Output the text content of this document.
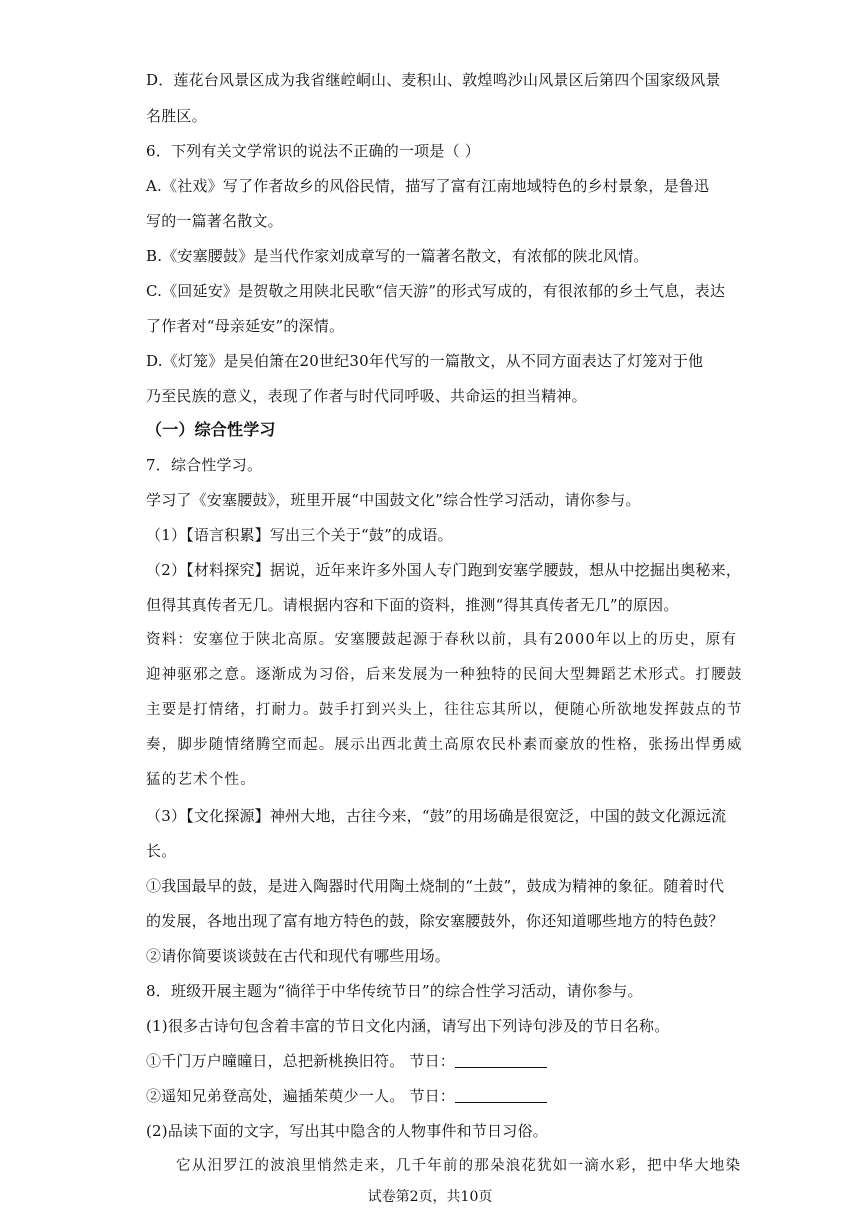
D．莲花台风景区成为我省继崆峒山、麦积山、敦煌鸣沙山风景区后第四个国家级风景
名胜区。
6．下列有关文学常识的说法不正确的一项是（ ）
A.《社戏》写了作者故乡的风俗民情，描写了富有江南地域特色的乡村景象，是鲁迅
写的一篇著名散文。
B.《安塞腰鼓》是当代作家刘成章写的一篇著名散文，有浓郁的陕北风情。
C.《回延安》是贺敬之用陕北民歌“信天游”的形式写成的，有很浓郁的乡土气息，表达
了作者对“母亲延安”的深情。
D.《灯笼》是吴伯箫在20世纪30年代写的一篇散文，从不同方面表达了灯笼对于他
乃至民族的意义，表现了作者与时代同呼吸、共命运的担当精神。
（一）综合性学习
7．综合性学习。
学习了《安塞腰鼓》，班里开展“中国鼓文化”综合性学习活动，请你参与。
（1）【语言积累】写出三个关于“鼓”的成语。
（2）【材料探究】据说，近年来许多外国人专门跑到安塞学腰鼓，想从中挖掘出奥秘来，
但得其真传者无几。请根据内容和下面的资料，推测“得其真传者无几”的原因。
资料：安塞位于陕北高原。安塞腰鼓起源于春秋以前，具有2000年以上的历史，原有
迎神驱邪之意。逐渐成为习俗，后来发展为一种独特的民间大型舞蹈艺术形式。打腰鼓
主要是打情绪，打耐力。鼓手打到兴头上，往往忘其所以，便随心所欲地发挥鼓点的节
奏，脚步随情绪腾空而起。展示出西北黄土高原农民朴素而豪放的性格，张扬出悍勇威
猛的艺术个性。
（3）【文化探源】神州大地，古往今来，“鼓”的用场确是很宽泛，中国的鼓文化源远流
长。
①我国最早的鼓，是进入陶器时代用陶土烧制的“土鼓”，鼓成为精神的象征。随着时代
的发展，各地出现了富有地方特色的鼓，除安塞腰鼓外，你还知道哪些地方的特色鼓？
②请你简要谈谈鼓在古代和现代有哪些用场。
8．班级开展主题为“徜徉于中华传统节日”的综合性学习活动，请你参与。
(1)很多古诗句包含着丰富的节日文化内涵，请写出下列诗句涉及的节日名称。
①千门万户曈曈日，总把新桃换旧符。 节日：
②遥知兄弟登高处，遍插茱萸少一人。 节日：
(2)品读下面的文字，写出其中隐含的人物事件和节日习俗。
它从汨罗江的波浪里悄然走来，几千年前的那朵浪花犹如一滴水彩，把中华大地染
试卷第2页，共10页
